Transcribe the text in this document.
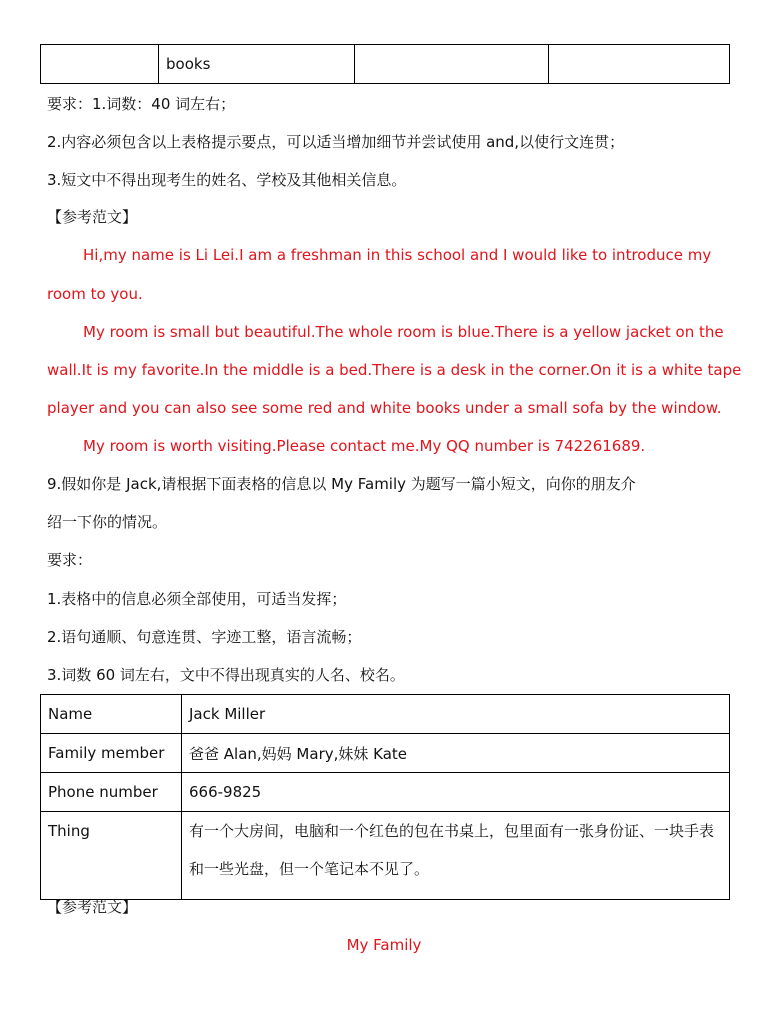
	books		
要求：1.词数：40 词左右；
2.内容必须包含以上表格提示要点，可以适当增加细节并尝试使用 and,以使行文连贯；
3.短文中不得出现考生的姓名、学校及其他相关信息。
【参考范文】
Hi,my name is Li Lei.I am a freshman in this school and I would like to introduce my
room to you.
My room is small but beautiful.The whole room is blue.There is a yellow jacket on the
wall.It is my favorite.In the middle is a bed.There is a desk in the corner.On it is a white tape
player and you can also see some red and white books under a small sofa by the window.
My room is worth visiting.Please contact me.My QQ number is 742261689.
9.假如你是 Jack,请根据下面表格的信息以 My Family 为题写一篇小短文，向你的朋友介
绍一下你的情况。
要求：
1.表格中的信息必须全部使用，可适当发挥；
2.语句通顺、句意连贯、字迹工整，语言流畅；
3.词数 60 词左右，文中不得出现真实的人名、校名。
Name	Jack Miller
Family member	爸爸 Alan,妈妈 Mary,妹妹 Kate
Phone number	666-9825
Thing	有一个大房间，电脑和一个红色的包在书桌上，包里面有一张身份证、一块手表和一些光盘，但一个笔记本不见了。
【参考范文】
My Family
